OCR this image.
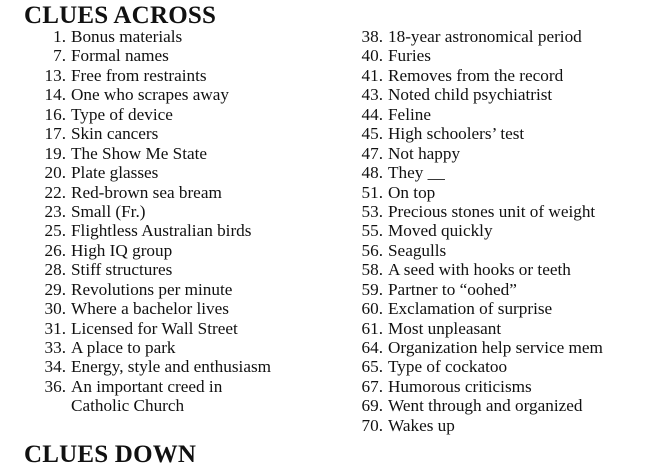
CLUES ACROSS
1. Bonus materials
7. Formal names
13. Free from restraints
14. One who scrapes away
16. Type of device
17. Skin cancers
19. The Show Me State
20. Plate glasses
22. Red-brown sea bream
23. Small (Fr.)
25. Flightless Australian birds
26. High IQ group
28. Stiff structures
29. Revolutions per minute
30. Where a bachelor lives
31. Licensed for Wall Street
33. A place to park
34. Energy, style and enthusiasm
36. An important creed in
Catholic Church
38. 18-year astronomical period
40. Furies
41. Removes from the record
43. Noted child psychiatrist
44. Feline
45. High schoolers’ test
47. Not happy
48. They __
51. On top
53. Precious stones unit of weight
55. Moved quickly
56. Seagulls
58. A seed with hooks or teeth
59. Partner to “oohed”
60. Exclamation of surprise
61. Most unpleasant
64. Organization help service mem
65. Type of cockatoo
67. Humorous criticisms
69. Went through and organized
70. Wakes up
CLUES DOWN
